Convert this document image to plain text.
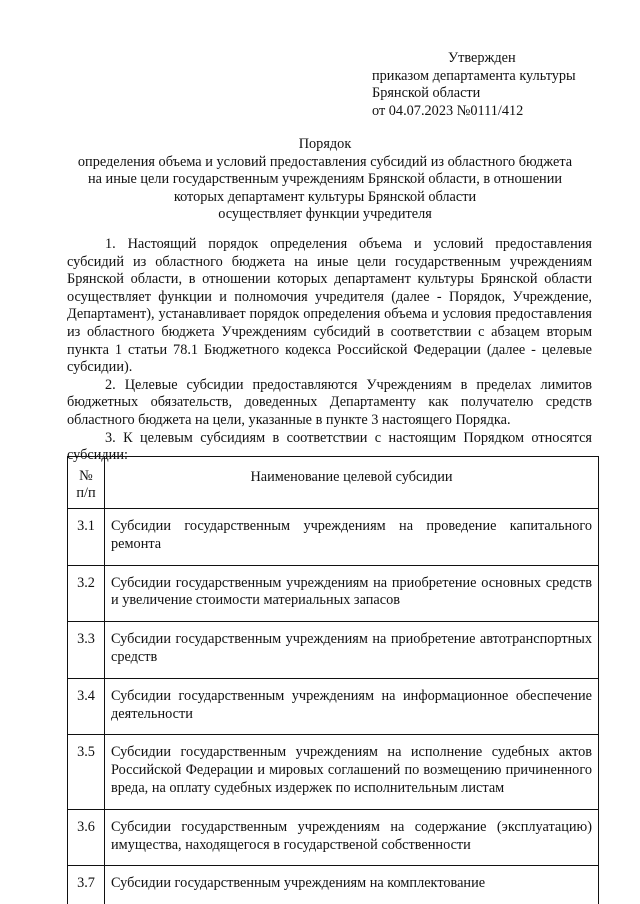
Утвержден
приказом департамента культуры
Брянской области
от 04.07.2023 №0111/412
Порядок
определения объема и условий предоставления субсидий из областного бюджета
на иные цели государственным учреждениям Брянской области, в отношении
которых департамент культуры Брянской области
осуществляет функции учредителя

1. Настоящий порядок определения объема и условий предоставления субсидий из областного бюджета на иные цели государственным учреждениям Брянской области, в отношении которых департамент культуры Брянской области осуществляет функции и полномочия учредителя (далее - Порядок, Учреждение, Департамент), устанавливает порядок определения объема и условия предоставления из областного бюджета Учреждениям субсидий в соответствии с абзацем вторым пункта 1 статьи 78.1 Бюджетного кодекса Российской Федерации (далее - целевые субсидии).

2. Целевые субсидии предоставляются Учреждениям в пределах лимитов бюджетных обязательств, доведенных Департаменту как получателю средств областного бюджета на цели, указанные в пункте 3 настоящего Порядка.

3. К целевым субсидиям в соответствии с настоящим Порядком относятся субсидии:

№
п/п	Наименование целевой субсидии
3.1	Субсидии государственным учреждениям на проведение капитального ремонта
3.2	Субсидии государственным учреждениям на приобретение основных средств и увеличение стоимости материальных запасов
3.3	Субсидии государственным учреждениям на приобретение автотранспортных средств
3.4	Субсидии государственным учреждениям на информационное обеспечение деятельности
3.5	Субсидии государственным учреждениям на исполнение судебных актов Российской Федерации и мировых соглашений по возмещению причиненного вреда, на оплату судебных издержек по исполнительным листам
3.6	Субсидии государственным учреждениям на содержание (эксплуатацию) имущества, находящегося в государственой собственности
3.7	Субсидии государственным учреждениям на комплектование
